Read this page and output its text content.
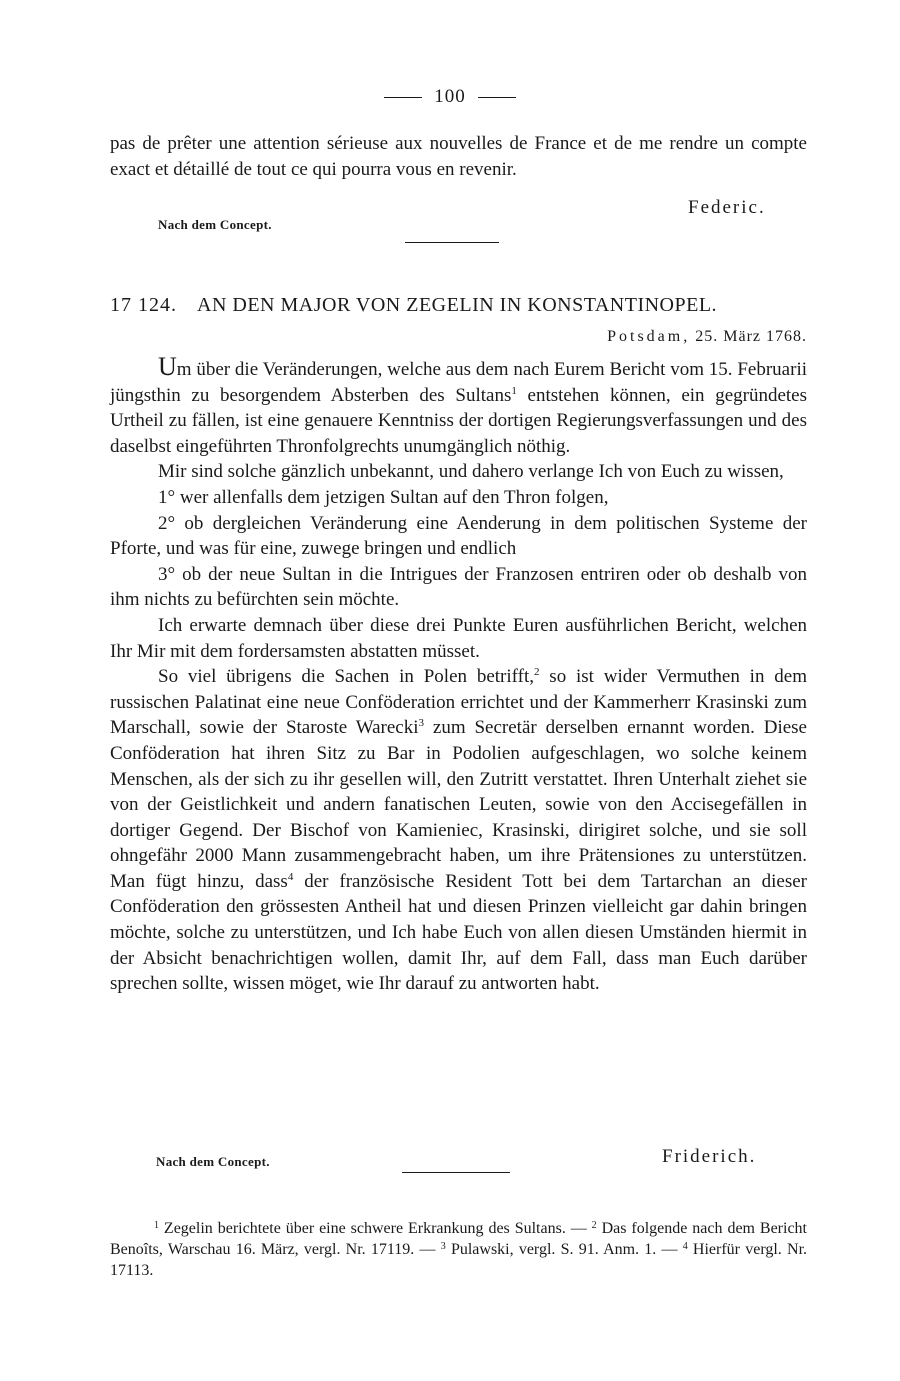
100

pas de prêter une attention sérieuse aux nouvelles de France et de me rendre un compte exact et détaillé de tout ce qui pourra vous en revenir.

Federic.
Nach dem Concept.
17 124. AN DEN MAJOR VON ZEGELIN IN KONSTANTINOPEL.
Potsdam, 25. März 1768.

Um über die Veränderungen, welche aus dem nach Eurem Bericht vom 15. Februarii jüngsthin zu besorgendem Absterben des Sultans$^1$ entstehen können, ein gegründetes Urtheil zu fällen, ist eine genauere Kenntniss der dortigen Regierungsverfassungen und des daselbst eingeführten Thronfolgrechts unumgänglich nöthig.

Mir sind solche gänzlich unbekannt, und dahero verlange Ich von Euch zu wissen,

1° wer allenfalls dem jetzigen Sultan auf den Thron folgen,

2° ob dergleichen Veränderung eine Aenderung in dem politischen Systeme der Pforte, und was für eine, zuwege bringen und endlich

3° ob der neue Sultan in die Intrigues der Franzosen entriren oder ob deshalb von ihm nichts zu befürchten sein möchte.

Ich erwarte demnach über diese drei Punkte Euren ausführlichen Bericht, welchen Ihr Mir mit dem fordersamsten abstatten müsset.

So viel übrigens die Sachen in Polen betrifft,$^2$ so ist wider Vermuthen in dem russischen Palatinat eine neue Conföderation errichtet und der Kammerherr Krasinski zum Marschall, sowie der Staroste Warecki$^3$ zum Secretär derselben ernannt worden. Diese Conföderation hat ihren Sitz zu Bar in Podolien aufgeschlagen, wo solche keinem Menschen, als der sich zu ihr gesellen will, den Zutritt verstattet. Ihren Unterhalt ziehet sie von der Geistlichkeit und andern fanatischen Leuten, sowie von den Accisegefällen in dortiger Gegend. Der Bischof von Kamieniec, Krasinski, dirigiret solche, und sie soll ohngefähr 2000 Mann zusammengebracht haben, um ihre Prätensiones zu unterstützen. Man fügt hinzu, dass$^4$ der französische Resident Tott bei dem Tartarchan an dieser Conföderation den grössesten Antheil hat und diesen Prinzen vielleicht gar dahin bringen möchte, solche zu unterstützen, und Ich habe Euch von allen diesen Umständen hiermit in der Absicht benachrichtigen wollen, damit Ihr, auf dem Fall, dass man Euch darüber sprechen sollte, wissen möget, wie Ihr darauf zu antworten habt.

Nach dem Concept.	Friderich.

$^1$ Zegelin berichtete über eine schwere Erkrankung des Sultans. — $^2$ Das folgende nach dem Bericht Benoîts, Warschau 16. März, vergl. Nr. 17119. — $^3$ Pulawski, vergl. S. 91. Anm. 1. — $^4$ Hierfür vergl. Nr. 17113.
